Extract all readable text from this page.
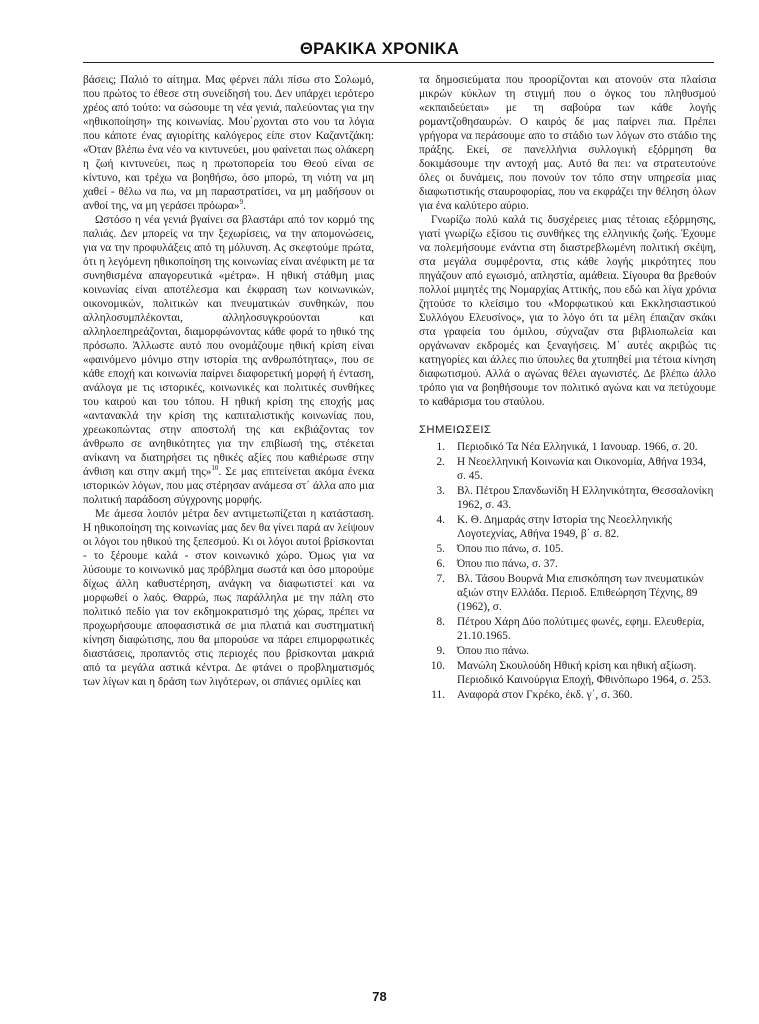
ΘΡΑΚΙΚΑ ΧΡΟΝΙΚΑ

βάσεις; Παλιό το αίτημα. Μας φέρνει πάλι πίσω στο Σολωμό, που πρώτος το έθεσε στη συνείδησή του. Δεν υπάρχει ιερότερο χρέος από τούτο: να σώσουμε τη νέα γενιά, παλεύοντας για την «ηθικοποίηση» της κοινωνίας. Μου΄ρχονται στο νου τα λόγια που κάποτε ένας αγιορίτης καλόγερος είπε στον Καζαντζάκη: «Όταν βλέπω ένα νέο να κιντυνεύει, μου φαίνεται πως ολάκερη η ζωή κιντυνεύει, πως η πρωτοπορεία του Θεού είναι σε κίντυνο, και τρέχω να βοηθήσω, όσο μπορώ, τη νιότη να μη χαθεί - θέλω να πω, να μη παραστρατίσει, να μη μαδήσουν οι ανθοί της, να μη γεράσει πρόωρα»$^9$.

Ωστόσο η νέα γενιά βγαίνει σα βλαστάρι από τον κορμό της παλιάς. Δεν μπορείς να την ξεχωρίσεις, να την απομονώσεις, για να την προφυλάξεις από τη μόλυνση. Ας σκεφτούμε πρώτα, ότι η λεγόμενη ηθικοποίηση της κοινωνίας είναι ανέφικτη με τα συνηθισμένα απαγορευτικά «μέτρα». Η ηθική στάθμη μιας κοινωνίας είναι αποτέλεσμα και έκφραση των κοινωνικών, οικονομικών, πολιτικών και πνευματικών συνθηκών, που αλληλοσυμπλέκονται, αλληλοσυγκρούονται και αλληλοεπηρεάζονται, διαμορφώνοντας κάθε φορά το ηθικό της πρόσωπο. Άλλωστε αυτό που ονομάζουμε ηθική κρίση είναι «φαινόμενο μόνιμο στην ιστορία της ανθρωπότητας», που σε κάθε εποχή και κοινωνία παίρνει διαφορετική μορφή ή ένταση, ανάλογα με τις ιστορικές, κοινωνικές και πολιτικές συνθήκες του καιρού και του τόπου. Η ηθική κρίση της εποχής μας «αντανακλά την κρίση της καπιταλιστικής κοινωνίας που, χρεωκοπώντας στην αποστολή της και εκβιάζοντας τον άνθρωπο σε ανηθικότητες για την επιβίωσή της, στέκεται ανίκανη να διατηρήσει τις ηθικές αξίες που καθιέρωσε στην άνθιση και στην ακμή της»$^{10}$. Σε μας επιτείνεται ακόμα ένεκα ιστορικών λόγων, που μας στέρησαν ανάμεσα στ΄ άλλα απο μια πολιτική παράδοση σύγχρονης μορφής.

Με άμεσα λοιπόν μέτρα δεν αντιμετωπίζεται η κατάσταση. Η ηθικοποίηση της κοινωνίας μας δεν θα γίνει παρά αν λείψουν οι λόγοι του ηθικού της ξεπεσμού. Κι οι λόγοι αυτοί βρίσκονται - το ξέρουμε καλά - στον κοινωνικό χώρο. Όμως για να λύσουμε το κοινωνικό μας πρόβλημα σωστά και όσο μπορούμε δίχως άλλη καθυστέρηση, ανάγκη να διαφωτιστεί και να μορφωθεί ο λαός. Θαρρώ, πως παράλληλα με την πάλη στο πολιτικό πεδίο για τον εκδημοκρατισμό της χώρας, πρέπει να προχωρήσουμε αποφασιστικά σε μια πλατιά και συστηματική κίνηση διαφώτισης, που θα μπορούσε να πάρει επιμορφωτικές διαστάσεις, προπαντός στις περιοχές που βρίσκονται μακριά από τα μεγάλα αστικά κέντρα. Δε φτάνει ο προβληματισμός των λίγων και η δράση των λιγότερων, οι σπάνιες ομιλίες και

τα δημοσιεύματα που προορίζονται και ατονούν στα πλαίσια μικρών κύκλων τη στιγμή που ο όγκος του πληθυσμού «εκπαιδεύεται» με τη σαβούρα των κάθε λογής ρομαντζοθησαυρών. Ο καιρός δε μας παίρνει πια. Πρέπει γρήγορα να περάσουμε απο το στάδιο των λόγων στο στάδιο της πράξης. Εκεί, σε πανελλήνια συλλογική εξόρμηση θα δοκιμάσουμε την αντοχή μας. Αυτό θα πει: να στρατευτούνε όλες οι δυνάμεις, που πονούν τον τόπο στην υπηρεσία μιας διαφωτιστικής σταυροφορίας, που να εκφράζει την θέληση όλων για ένα καλύτερο αύριο.

Γνωρίζω πολύ καλά τις δυσχέρειες μιας τέτοιας εξόρμησης, γιατί γνωρίζω εξίσου τις συνθήκες της ελληνικής ζωής. Έχουμε να πολεμήσουμε ενάντια στη διαστρεβλωμένη πολιτική σκέψη, στα μεγάλα συμφέροντα, στις κάθε λογής μικρότητες που πηγάζουν από εγωισμό, απληστία, αμάθεια. Σίγουρα θα βρεθούν πολλοί μιμητές της Νομαρχίας Αττικής, που εδώ και λίγα χρόνια ζητούσε το κλείσιμο του «Μορφωτικού και Εκκλησιαστικού Συλλόγου Ελευσίνος», για το λόγο ότι τα μέλη έπαιζαν σκάκι στα γραφεία του όμιλου, σύχναζαν στα βιβλιοπωλεία και οργάνωναν εκδρομές και ξεναγήσεις. Μ΄ αυτές ακριβώς τις κατηγορίες και άλλες πιο ύπουλες θα χτυπηθεί μια τέτοια κίνηση διαφωτισμού. Αλλά ο αγώνας θέλει αγωνιστές. Δε βλέπω άλλο τρόπο για να βοηθήσουμε τον πολιτικό αγώνα και να πετύχουμε το καθάρισμα του σταύλου.

ΣΗΜΕΙΩΣΕΙΣ
1. Περιοδικό Τα Νέα Ελληνικά, 1 Ιανουαρ. 1966, σ. 20.
2. Η Νεοελληνική Κοινωνία και Οικονομία, Αθήνα 1934, σ. 45.
3. Βλ. Πέτρου Σπανδωνίδη Η Ελληνικότητα, Θεσσαλονίκη 1962, σ. 43.
4. Κ. Θ. Δημαράς στην Ιστορία της Νεοελληνικής Λογοτεχνίας, Αθήνα 1949, β΄ σ. 82.
5. Όπου πιο πάνω, σ. 105.
6. Όπου πιο πάνω, σ. 37.
7. Βλ. Τάσου Βουρνά Μια επισκόπηση των πνευματικών αξιών στην Ελλάδα. Περιοδ. Επιθεώρηση Τέχνης, 89 (1962), σ.
8. Πέτρου Χάρη Δύο πολύτιμες φωνές, εφημ. Ελευθερία, 21.10.1965.
9. Όπου πιο πάνω.
10. Μανώλη Σκουλούδη Ηθική κρίση και ηθική αξίωση. Περιοδικό Καινούργια Εποχή, Φθινόπωρο 1964, σ. 253.
11. Αναφορά στον Γκρέκο, έκδ. γ΄, σ. 360.
78
